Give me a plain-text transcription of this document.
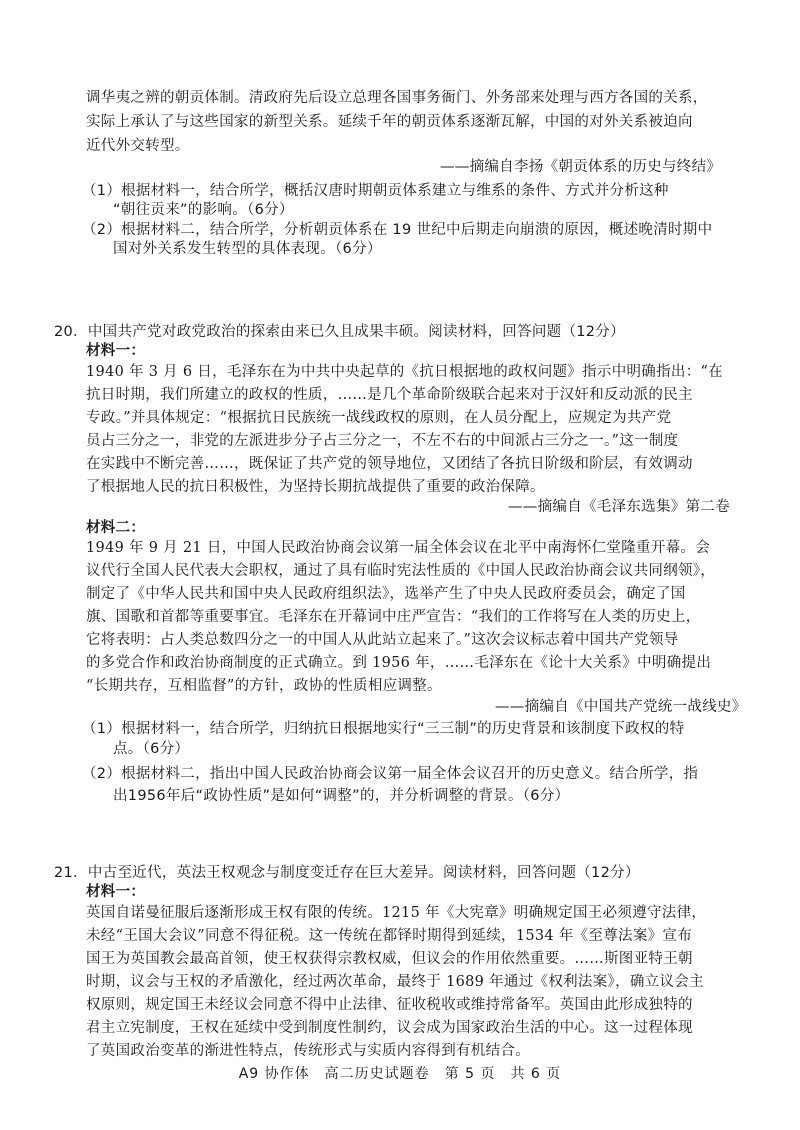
调华夷之辨的朝贡体制。清政府先后设立总理各国事务衙门、外务部来处理与西方各国的关系，
实际上承认了与这些国家的新型关系。延续千年的朝贡体系逐渐瓦解，中国的对外关系被迫向
近代外交转型。
——摘编自李扬《朝贡体系的历史与终结》
（1）根据材料一，结合所学，概括汉唐时期朝贡体系建立与维系的条件、方式并分析这种
“朝往贡来”的影响。（6分）
（2）根据材料二，结合所学，分析朝贡体系在 19 世纪中后期走向崩溃的原因，概述晚清时期中
国对外关系发生转型的具体表现。（6分）
20．中国共产党对政党政治的探索由来已久且成果丰硕。阅读材料，回答问题（12分）
材料一：
1940 年 3 月 6 日，毛泽东在为中共中央起草的《抗日根据地的政权问题》指示中明确指出：“在
抗日时期，我们所建立的政权的性质，……是几个革命阶级联合起来对于汉奸和反动派的民主
专政。”并具体规定：“根据抗日民族统一战线政权的原则，在人员分配上，应规定为共产党
员占三分之一，非党的左派进步分子占三分之一，不左不右的中间派占三分之一。”这一制度
在实践中不断完善……，既保证了共产党的领导地位，又团结了各抗日阶级和阶层，有效调动
了根据地人民的抗日积极性，为坚持长期抗战提供了重要的政治保障。
——摘编自《毛泽东选集》第二卷
材料二：
1949 年 9 月 21 日，中国人民政治协商会议第一届全体会议在北平中南海怀仁堂隆重开幕。会
议代行全国人民代表大会职权，通过了具有临时宪法性质的《中国人民政治协商会议共同纲领》，
制定了《中华人民共和国中央人民政府组织法》，选举产生了中央人民政府委员会，确定了国
旗、国歌和首都等重要事宜。毛泽东在开幕词中庄严宣告：“我们的工作将写在人类的历史上，
它将表明：占人类总数四分之一的中国人从此站立起来了。”这次会议标志着中国共产党领导
的多党合作和政治协商制度的正式确立。到 1956 年，……毛泽东在《论十大关系》中明确提出
“长期共存，互相监督”的方针，政协的性质相应调整。
——摘编自《中国共产党统一战线史》
（1）根据材料一，结合所学，归纳抗日根据地实行“三三制”的历史背景和该制度下政权的特
点。（6分）
（2）根据材料二，指出中国人民政治协商会议第一届全体会议召开的历史意义。结合所学，指
出1956年后“政协性质”是如何“调整”的，并分析调整的背景。（6分）
21．中古至近代，英法王权观念与制度变迁存在巨大差异。阅读材料，回答问题（12分）
材料一：
英国自诺曼征服后逐渐形成王权有限的传统。1215 年《大宪章》明确规定国王必须遵守法律，
未经“王国大会议”同意不得征税。这一传统在都铎时期得到延续，1534 年《至尊法案》宣布
国王为英国教会最高首领，使王权获得宗教权威，但议会的作用依然重要。……斯图亚特王朝
时期，议会与王权的矛盾激化，经过两次革命，最终于 1689 年通过《权利法案》，确立议会主
权原则，规定国王未经议会同意不得中止法律、征收税收或维持常备军。英国由此形成独特的
君主立宪制度，王权在延续中受到制度性制约，议会成为国家政治生活的中心。这一过程体现
了英国政治变革的渐进性特点，传统形式与实质内容得到有机结合。
A9 协作体　高二历史试题卷　第 5 页　共 6 页
